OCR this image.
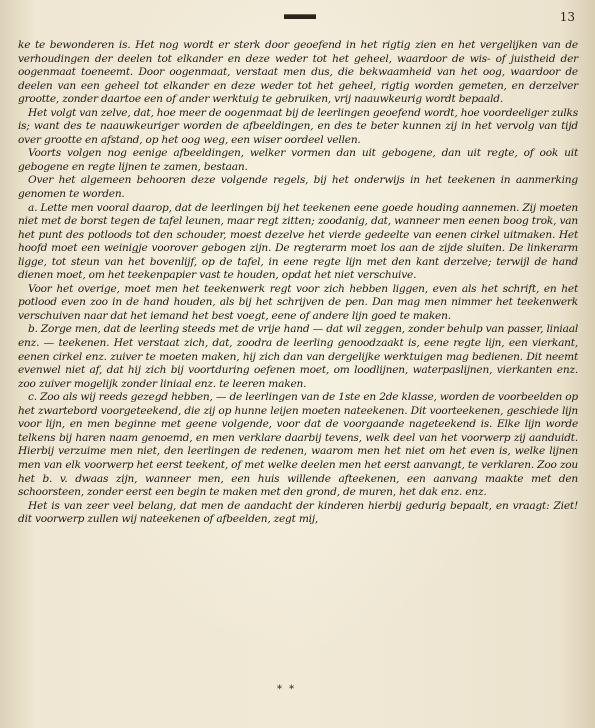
13

ke te bewonderen is. Het nog wordt er sterk door geoefend in het rigtig zien en het vergelijken van de verhoudingen der deelen tot elkander en deze weder tot het geheel, waardoor de wis- of juistheid der oogenmaat toeneemt. Door oogenmaat, verstaat men dus, die bekwaamheid van het oog, waardoor de deelen van een geheel tot elkander en deze weder tot het geheel, rigtig worden gemeten, en derzelver grootte, zonder daartoe een of ander werktuig te gebruiken, vrij naauwkeurig wordt bepaald.

Het volgt van zelve, dat, hoe meer de oogenmaat bij de leerlingen geoefend wordt, hoe voordeeliger zulks is; want des te naauwkeuriger worden de afbeeldingen, en des te beter kunnen zij in het vervolg van tijd over grootte en afstand, op het oog weg, een wiser oordeel vellen.

Voorts volgen nog eenige afbeeldingen, welker vormen dan uit gebogene, dan uit regte, of ook uit gebogene en regte lijnen te zamen, bestaan.

Over het algemeen behooren deze volgende regels, bij het onderwijs in het teekenen in aanmerking genomen te worden.

a. Lette men vooral daarop, dat de leerlingen bij het teekenen eene goede houding aannemen. Zij moeten niet met de borst tegen de tafel leunen, maar regt zitten; zoodanig, dat, wanneer men eenen boog trok, van het punt des potloods tot den schouder, moest dezelve het vierde gedeelte van eenen cirkel uitmaken. Het hoofd moet een weinigje voorover gebogen zijn. De regterarm moet los aan de zijde sluiten. De linkerarm ligge, tot steun van het bovenlijf, op de tafel, in eene regte lijn met den kant derzelve; terwijl de hand dienen moet, om het teekenpapier vast te houden, opdat het niet verschuive.

Voor het overige, moet men het teekenwerk regt voor zich hebben liggen, even als het schrift, en het potlood even zoo in de hand houden, als bij het schrijven de pen. Dan mag men nimmer het teekenwerk verschuiven naar dat het iemand het best voegt, eene of andere lijn goed te maken.

b. Zorge men, dat de leerling steeds met de vrije hand — dat wil zeggen, zonder behulp van passer, liniaal enz. — teekenen. Het verstaat zich, dat, zoodra de leerling genoodzaakt is, eene regte lijn, een vierkant, eenen cirkel enz. zuiver te moeten maken, hij zich dan van dergelijke werktuigen mag bedienen. Dit neemt evenwel niet af, dat hij zich bij voortduring oefenen moet, om loodlijnen, waterpaslijnen, vierkanten enz. zoo zuiver mogelijk zonder liniaal enz. te leeren maken.

c. Zoo als wij reeds gezegd hebben, — de leerlingen van de 1ste en 2de klasse, worden de voorbeelden op het zwartebord voorgeteekend, die zij op hunne leijen moeten nateekenen. Dit voorteekenen, geschiede lijn voor lijn, en men beginne met geene volgende, voor dat de voorgaande nageteekend is. Elke lijn worde telkens bij haren naam genoemd, en men verklare daarbij tevens, welk deel van het voorwerp zij aanduidt. Hierbij verzuime men niet, den leerlingen de redenen, waarom men het niet om het even is, welke lijnen men van elk voorwerp het eerst teekent, of met welke deelen men het eerst aanvangt, te verklaren. Zoo zou het b. v. dwaas zijn, wanneer men, een huis willende afteekenen, een aanvang maakte met den schoorsteen, zonder eerst een begin te maken met den grond, de muren, het dak enz. enz.

Het is van zeer veel belang, dat men de aandacht der kinderen hierbij gedurig bepaalt, en vraagt: Ziet! dit voorwerp zullen wij nateekenen of afbeelden, zegt mij,

* *
